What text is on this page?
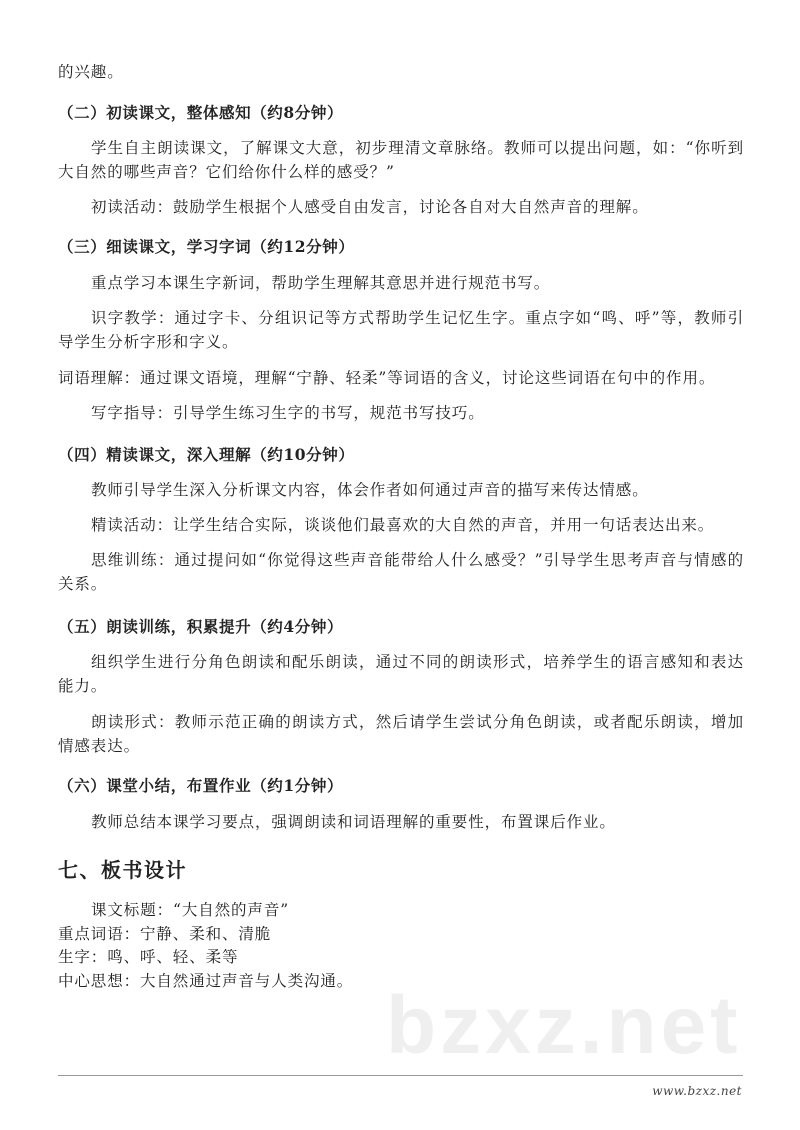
的兴趣。
（二）初读课文，整体感知（约8分钟）
学生自主朗读课文，了解课文大意，初步理清文章脉络。教师可以提出问题，如：“你听到大自然的哪些声音？它们给你什么样的感受？”
初读活动：鼓励学生根据个人感受自由发言，讨论各自对大自然声音的理解。
（三）细读课文，学习字词（约12分钟）
重点学习本课生字新词，帮助学生理解其意思并进行规范书写。
识字教学：通过字卡、分组识记等方式帮助学生记忆生字。重点字如“鸣、呼”等，教师引导学生分析字形和字义。
词语理解：通过课文语境，理解“宁静、轻柔”等词语的含义，讨论这些词语在句中的作用。
写字指导：引导学生练习生字的书写，规范书写技巧。
（四）精读课文，深入理解（约10分钟）
教师引导学生深入分析课文内容，体会作者如何通过声音的描写来传达情感。
精读活动：让学生结合实际，谈谈他们最喜欢的大自然的声音，并用一句话表达出来。
思维训练：通过提问如“你觉得这些声音能带给人什么感受？”引导学生思考声音与情感的关系。
（五）朗读训练，积累提升（约4分钟）
组织学生进行分角色朗读和配乐朗读，通过不同的朗读形式，培养学生的语言感知和表达能力。
朗读形式：教师示范正确的朗读方式，然后请学生尝试分角色朗读，或者配乐朗读，增加情感表达。
（六）课堂小结，布置作业（约1分钟）
教师总结本课学习要点，强调朗读和词语理解的重要性，布置课后作业。
七、板书设计
课文标题：“大自然的声音”
重点词语：宁静、柔和、清脆
生字：鸣、呼、轻、柔等
中心思想：大自然通过声音与人类沟通。 bzxz.net
www.bzxz.net
